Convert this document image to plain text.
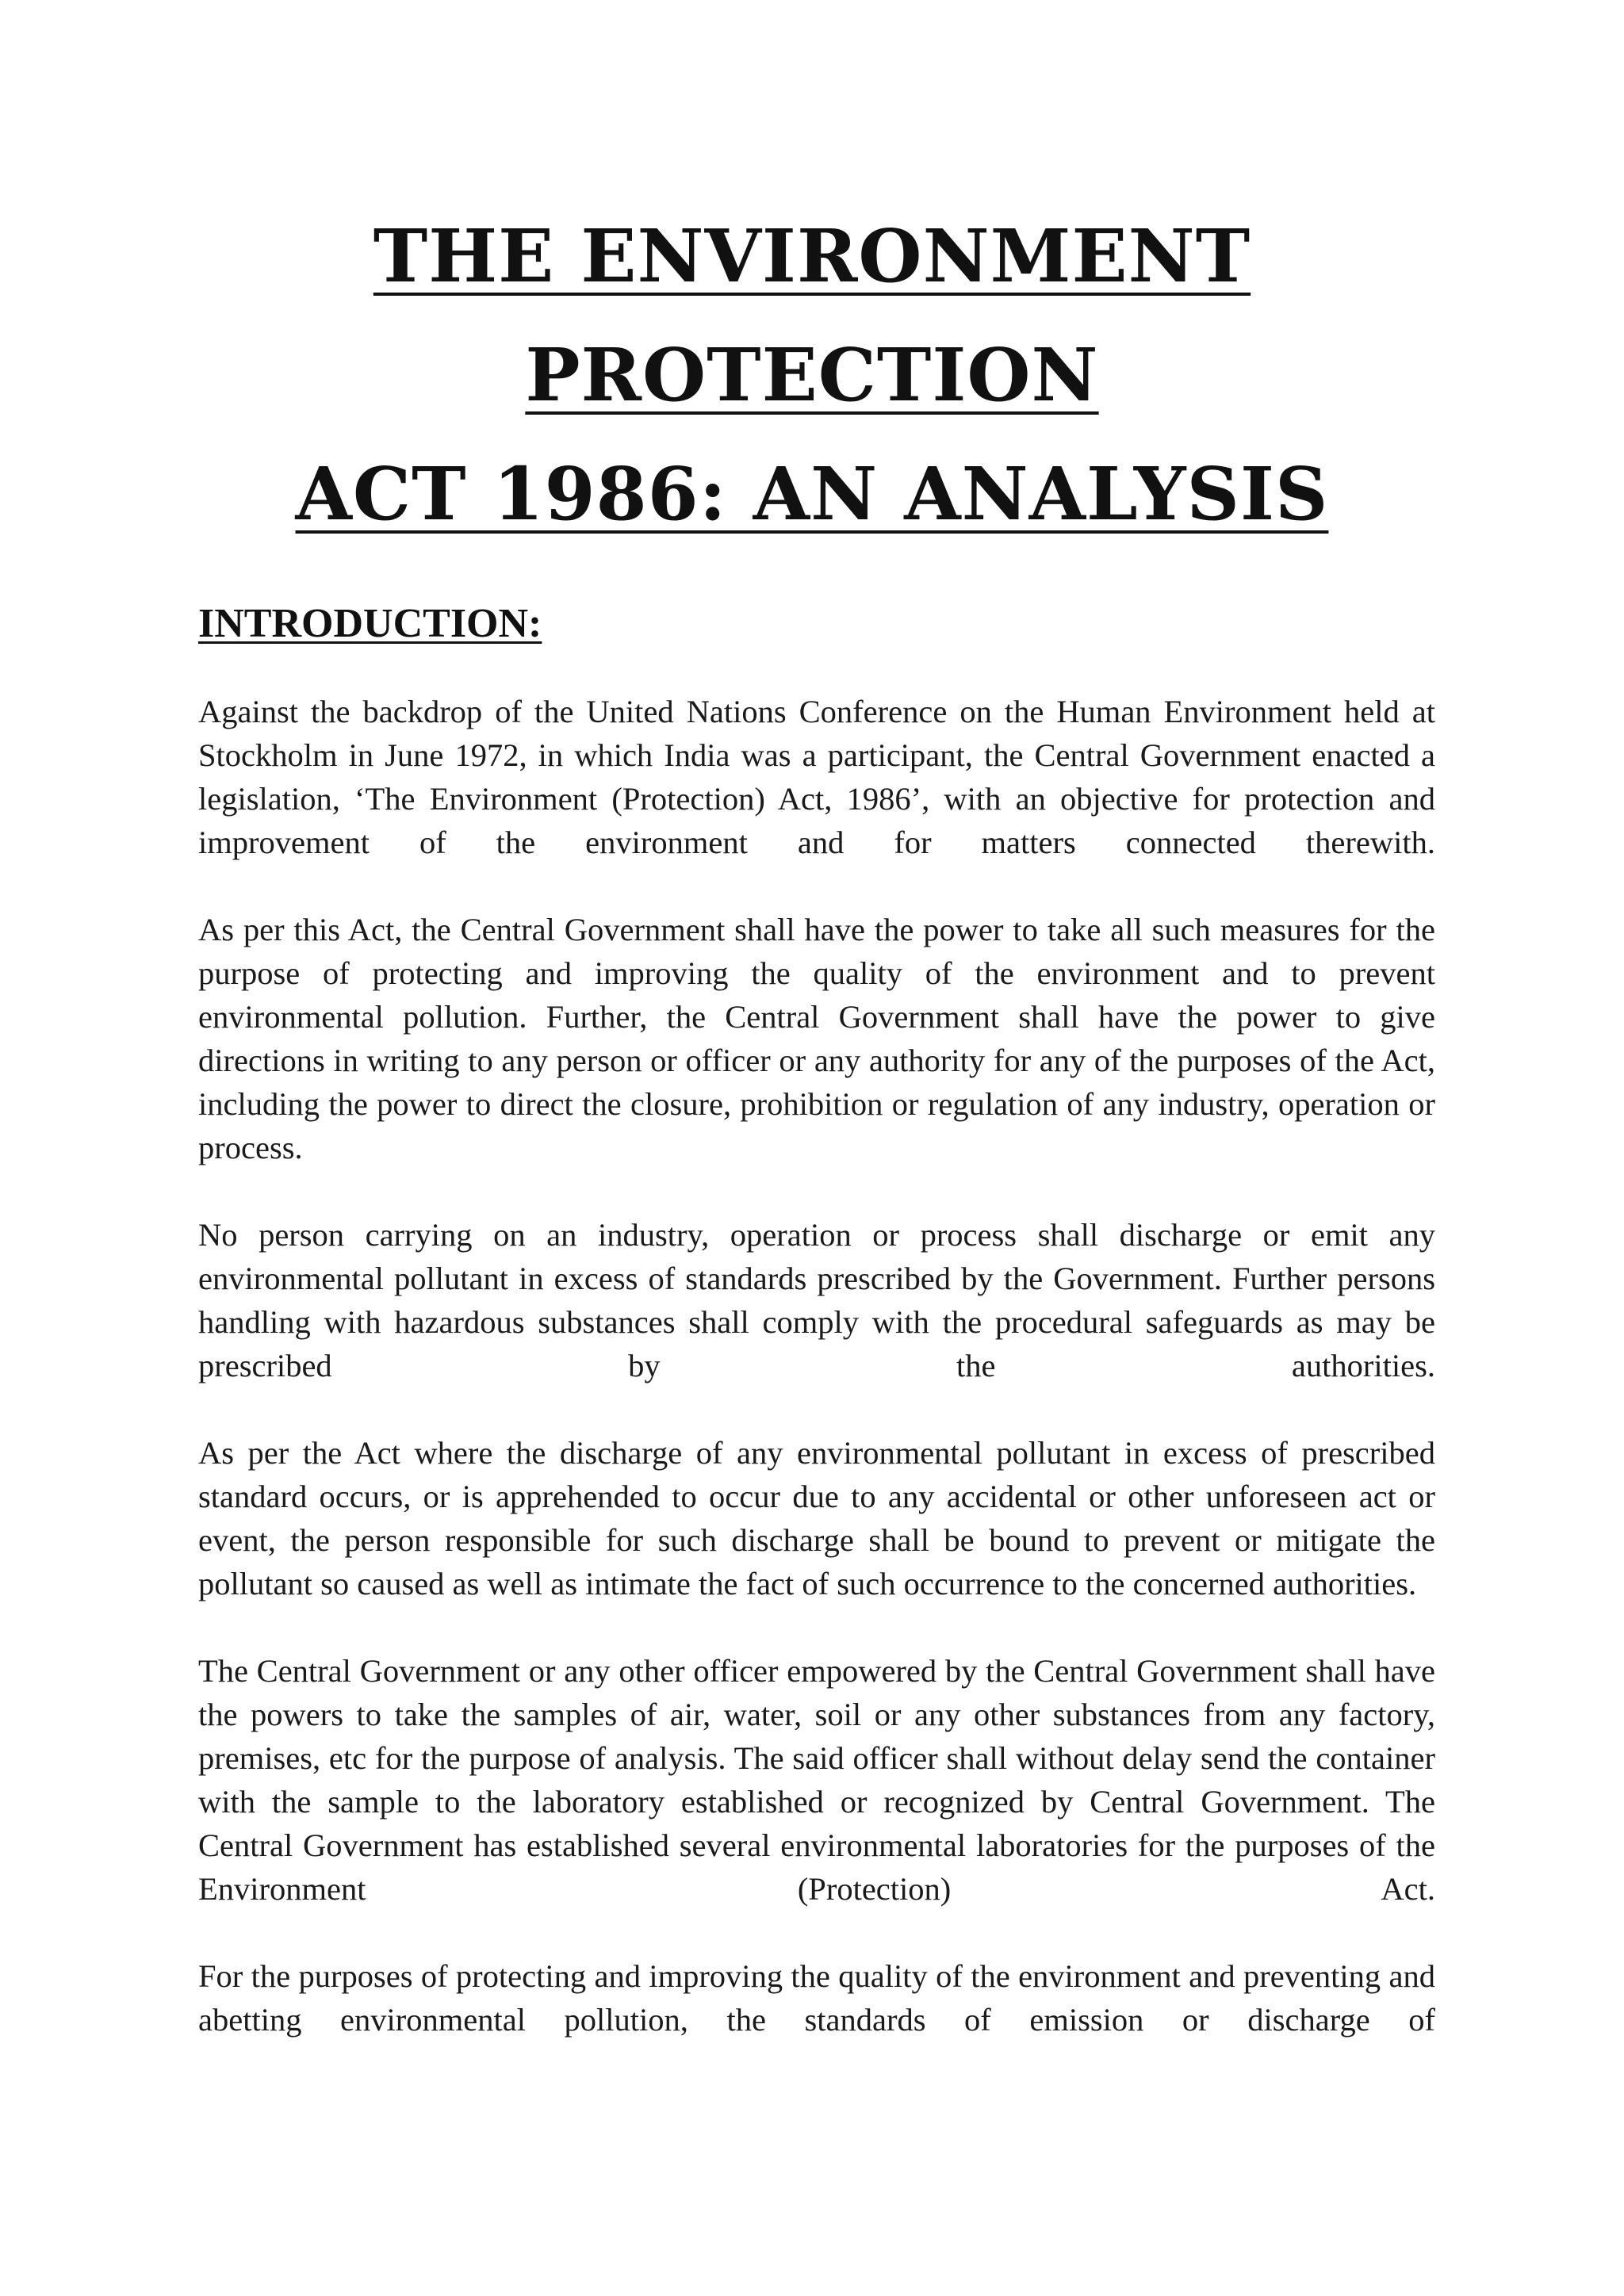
THE ENVIRONMENT PROTECTION
ACT 1986: AN ANALYSIS
INTRODUCTION:

Against the backdrop of the United Nations Conference on the Human Environment held at Stockholm in June 1972, in which India was a participant, the Central Government enacted a legislation, ‘The Environment (Protection) Act, 1986’, with an objective for protection and improvement of the environment and for matters connected therewith.

As per this Act, the Central Government shall have the power to take all such measures for the purpose of protecting and improving the quality of the environment and to prevent environmental pollution. Further, the Central Government shall have the power to give directions in writing to any person or officer or any authority for any of the purposes of the Act, including the power to direct the closure, prohibition or regulation of any industry, operation or process.

No person carrying on an industry, operation or process shall discharge or emit any environmental pollutant in excess of standards prescribed by the Government. Further persons handling with hazardous substances shall comply with the procedural safeguards as may be prescribed by the authorities.

As per the Act where the discharge of any environmental pollutant in excess of prescribed standard occurs, or is apprehended to occur due to any accidental or other unforeseen act or event, the person responsible for such discharge shall be bound to prevent or mitigate the pollutant so caused as well as intimate the fact of such occurrence to the concerned authorities.

The Central Government or any other officer empowered by the Central Government shall have the powers to take the samples of air, water, soil or any other substances from any factory, premises, etc for the purpose of analysis. The said officer shall without delay send the container with the sample to the laboratory established or recognized by Central Government. The Central Government has established several environmental laboratories for the purposes of the Environment (Protection) Act.

For the purposes of protecting and improving the quality of the environment and preventing and abetting environmental pollution, the standards of emission or discharge of
